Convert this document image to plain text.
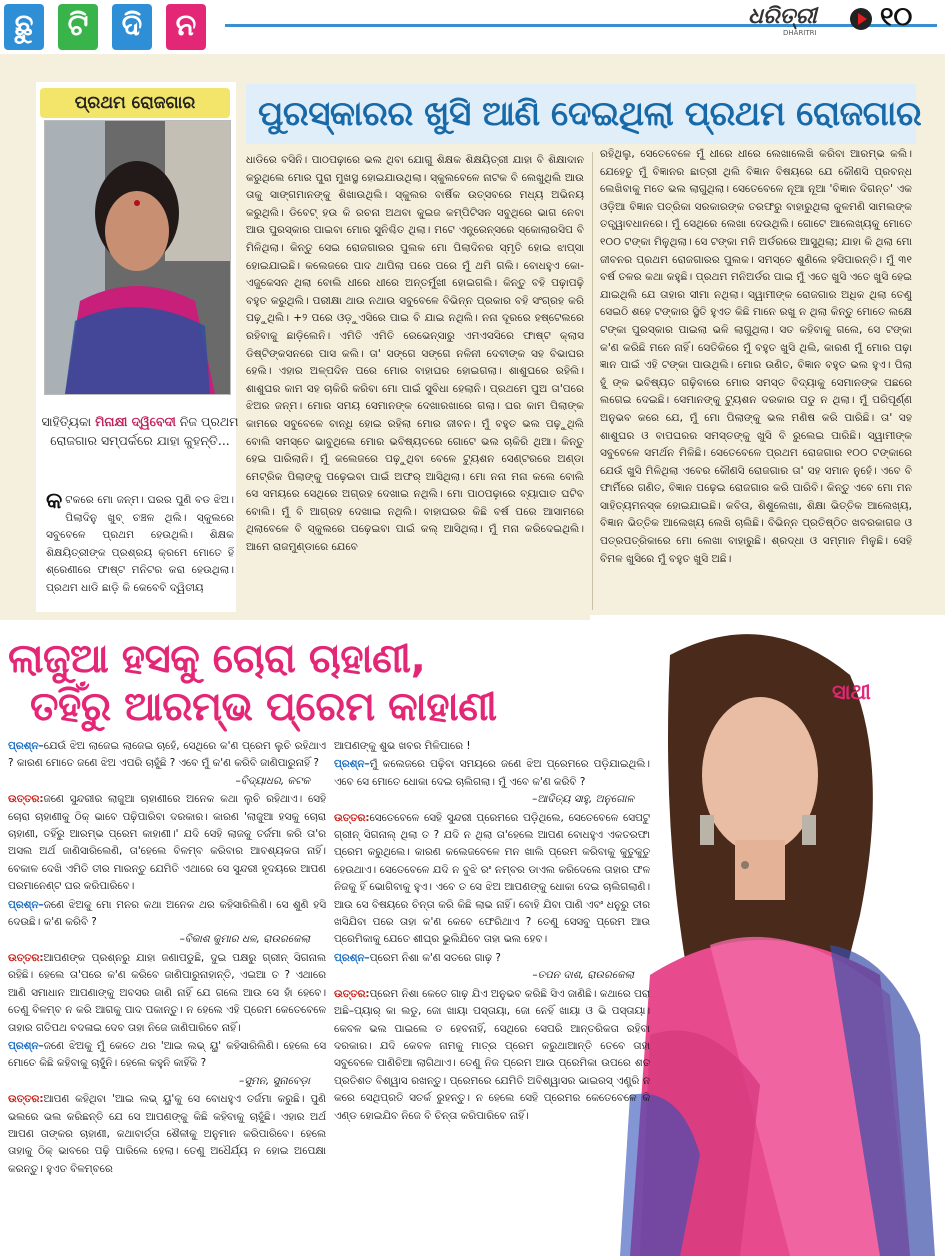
ଛୁ	ଟି	ଦି	ନ	ଧରିତ୍ରୀ
DHARITRI
୧୦
ପ୍ରଥମ ରୋଜଗାର
ସାହିତ୍ୟିକା ମିନାକ୍ଷୀ ଦ୍ୱିବେଦୀ ନିଜ ପ୍ରଥମ ରୋଜଗାର ସମ୍ପର୍କରେ ଯାହା କୁହନ୍ତି...
ପୁରସ୍କାରର ଖୁସି ଆଣି ଦେଇଥିଲା ପ୍ରଥମ ରୋଜଗାର
କଟକରେ ମୋ ଜନ୍ମ। ଘରର ପୁଣି ବଡ ଝିଅ। ପିଲାଦିନୁ ଖୁବ୍ ଚଞ୍ଚଳ ଥିଲି। ସ୍କୁଲରେ ସବୁବେଳେ ପ୍ରଥମ ହେଉଥିଲି। ଶିକ୍ଷକ ଶିକ୍ଷୟିତ୍ରୀଙ୍କ ପ୍ରଶ୍ରୟ କ୍ରମେ ମୋତେ ହିଁ ଶ୍ରେଣୀରେ ଫାଷ୍ଟ ମନିଟର କରା ହେଉଥିଲା। ପ୍ରଥମ ଧାଡି ଛାଡ଼ି କି କେବେବି ଦ୍ୱିତୀୟ
ଧାଡିରେ ବସିନି। ପାଠପଢ଼ାରେ ଭଲ ଥିବା ଯୋଗୁ ଶିକ୍ଷକ ଶିକ୍ଷୟିତ୍ରୀ ଯାହା ବି ଶିକ୍ଷାଦାନ କରୁଥିଲେ ମୋର ପୁରା ମୁଖସ୍ଥ ହୋଇଯାଉଥିଲା। ସ୍କୁଲବେଳେ ନାଟକ ବି ଲେଖୁଥିଲି ଆଉ ତାକୁ ସାଙ୍ଗମାନଙ୍କୁ ଶିଖାଉଥିଲି। ସ୍କୁଲର ବାର୍ଷିକ ଉତ୍ସବରେ ମଧ୍ୟ ଅଭିନୟ କରୁଥିଲି। ଡିବେଟ୍ ହଉ କି ରଚନା ଅଥବା କୁଇଜ କମ୍ପିଟିସନ ସବୁଥିରେ ଭାଗ ନେବା ଆଉ ପୁରସ୍କାର ପାଇବା ମୋର ସୁନିଶ୍ଚିତ ଥିଲା। ମଟେ ଏନ୍ଟ୍ରେନ୍ସରେ ସ୍କୋଲାରସିପ ବି ମିଳିଥିଲା। କିନ୍ତୁ ସେଇ ରୋଜଗାରର ପୁଲକ ମୋ ପିଲାଦିନର ସ୍ମୃତି ହୋଇ ଝାପ୍ସା ହୋଇଯାଇଛି। କଲେଜରେ ପାଦ ଥାପିଲା ପରେ ପରେ ମୁଁ ଥମି ଗଲି। ବୋଧହୁଏ କୋ-ଏଜୁକେସନ ଥିଲା ବୋଲି ଧୀରେ ଧୀରେ ଅନ୍ତର୍ମୁଖୀ ହୋଇଗଲି। କିନ୍ତୁ ବହି ପଢ଼ାପଢ଼ି ବହୁତ କରୁଥିଲି। ପରୀକ୍ଷା ଥାଉ ନଥାଉ ସବୁବେଳେ ବିଭିନ୍ନ ପ୍ରକାର ବହି ସଂଗ୍ରହ କରି ପଢ଼ୁଥିଲି। +୨ ପରେ ଓଡ଼ୁଏସିରେ ପାଇ ବି ଯାଇ ନଥିଲି। ନନା ଦୂରରେ ହଷ୍ଟେଲରେ ରହିବାକୁ ଛାଡ଼ିଲେନି। ଏମିତି ଏମିତି ରେଭେନ୍ସାରୁ ଏମଏସସିରେ ଫାଷ୍ଟ କ୍ଲାସ ଡିଷ୍ଟିଙ୍କସନରେ ପାସ କଲି। ତା' ସଙ୍ଗେ ସଙ୍ଗେ ନଳିନୀ ଦେବୀଙ୍କ ସହ ବିଭାଘର ହେଲି। ଏହାର ଅଳ୍ପଦିନ ପରେ ମୋର ବାହାଘର ହୋଇଗଲା। ଶାଶୁଘରେ ରହିଲି। ଶାଶୁଘର କାମ ସହ ଚାକିରି କରିବା ମୋ ପାଇଁ ସୁବିଧା ହେଲାନି। ପ୍ରଥମେ ପୁଅ ତା'ପରେ ଝିଅର ଜନ୍ମ। ମୋର ସମୟ ସେମାନଙ୍କ ଦେଖାରଖାରେ ଗଲା। ଘର କାମ ପିଲାଙ୍କ କାମରେ ସବୁବେଳେ ବାନ୍ଧି ହୋଇ ରହିଲା ମୋର ଜୀବନ। ମୁଁ ବହୁତ ଭଲ ପଢ଼ୁଥିଲି ବୋଲି ସମସ୍ତେ ଭାବୁଥିଲେ ମୋର ଭବିଷ୍ୟତରେ ଗୋଟେ ଭଲ ଚାକିରି ଥିଆ। କିନ୍ତୁ ହେଇ ପାରିଲାନି। ମୁଁ କଲେଜରେ ପଢ଼ୁଥିବା ବେଳେ ଟ୍ୟୁଶନ ସେଣ୍ଟରରେ ଅଣ୍ଡା ମେଟ୍ରିକ ପିଲାଙ୍କୁ ପଢ଼େଇବା ପାଇଁ ଅଫର୍ ଆସିଥିଲା। ମୋ ନନା ମନା କଲେ ବୋଲି ସେ ସମୟରେ ସେଥିରେ ଅଗ୍ରହ ଦେଖାଇ ନଥିଲି। ମୋ ପାଠପଢ଼ାରେ ବ୍ୟାଘାତ ଘଟିବ ବୋଲି। ମୁଁ ବି ଆଗ୍ରହ ଦେଖାଇ ନଥିଲି। ବାହାଘରର କିଛି ବର୍ଷ ପରେ ଆସାମରେ ଥିଲାବେଳେ ବି ସ୍କୁଲରେ ପଢ଼େଇବା ପାଇଁ କଲ୍ ଆସିଥିଲା। ମୁଁ ମନା କରିଦେଇଥିଲି। ଆମେ ରାଜମୁଣ୍ଡାରେ ଯେବେ
ରହିଥିଲୁ, ସେତେବେଳେ ମୁଁ ଧୀରେ ଧୀରେ ଲେଖାଲେଖି କରିବା ଆରମ୍ଭ କଲି। ଯେହେତୁ ମୁଁ ବିଜ୍ଞାନର ଛାତ୍ରୀ ଥିଲି ବିଜ୍ଞାନ ବିଷୟରେ ଯେ କୌଣସି ପ୍ରବନ୍ଧ ଲେଖିବାକୁ ମତେ ଭଲ ଲାଗୁଥିଲା। ସେତେବେଳେ ନୂଆ ନୂଆ 'ବିଜ୍ଞାନ ଦିଗନ୍ତ' ଏକ ଓଡ଼ିଆ ବିଜ୍ଞାନ ପତ୍ରିକା ସରକାରଙ୍କ ତରଫରୁ ବାହାରୁଥିଲା କୁଳମଣି ସାମଲଙ୍କ ତତ୍ତ୍ୱାବଧାନରେ। ମୁଁ ସେଥିରେ ଲେଖା ଦେଉଥିଲି। ଗୋଟେ ଆଲେଖ୍ୟକୁ ମୋତେ ୧୦୦ ଟଙ୍କା ମିଳୁଥିଲା। ସେ ଟଙ୍କା ମନି ଅର୍ଡରରେ ଆସୁଥିଲା; ଯାହା କି ଥିଲା ମୋ ଜୀବନର ପ୍ରଥମ ରୋଜଗାରର ପୁଲକ। ସମସ୍ତେ ଶୁଣିଲେ ହସିପାରନ୍ତି। ମୁଁ ୩୧ ବର୍ଷ ତଳର କଥା କହୁଛି। ପ୍ରଥମ ମନିଅର୍ଡର ପାଇ ମୁଁ ଏତେ ଖୁସି ଏତେ ଖୁସି ହେଇ ଯାଇଥିଲି ଯେ ତାହାର ସୀମା ନଥିଲା। ସ୍ୱାମୀଙ୍କ ରୋଜଗାର ଅଧିକ ଥିଲା ତେଣୁ ସେଇଠି ଶହେ ଟଙ୍କାର ସ୍ଥିତି ହୁଏତ କିଛି ମାନେ ରଖୁ ନ ଥିଲା କିନ୍ତୁ ମୋତେ ଲକ୍ଷେ ଟଙ୍କା ପୁରସ୍କାର ପାଇଲା ଭଳି ଲାଗୁଥିଲା। ସତ କହିବାକୁ ଗଲେ, ସେ ଟଙ୍କା କ'ଣ କରିଛି ମନେ ନାହିଁ। ସେତିକିରେ ମୁଁ ବହୁତ ଖୁସି ଥିଲି, କାରଣ ମୁଁ ମୋର ପଢ଼ା ଜ୍ଞାନ ପାଇଁ ଏହି ଟଙ୍କା ପାଉଥିଲି। ମୋର ଉଣିତ, ବିଜ୍ଞାନ ବହୁତ ଭଲ ହୁଏ। ପିଲା ହୁଁ ଙ୍କ ଭବିଷ୍ୟତ ଗଢ଼ିବାରେ ମୋର ସମସ୍ତ ବିଦ୍ୟାକୁ ସେମାନଙ୍କ ପଛରେ ଲଗେଇ ଦେଇଛି। ସେମାନଙ୍କୁ ଟ୍ୟୁଶନ ଦରକାର ପଡୁ ନ ଥିଲା। ମୁଁ ପରିପୂର୍ଣ୍ଣ ଅନୁଭବ କରେ ଯେ, ମୁଁ ମୋ ପିଲାଙ୍କୁ ଭଲ ମଣିଷ କରି ପାରିଛି। ତା' ସହ ଶାଶୁଘର ଓ ବାପଘରର ସମସ୍ତଙ୍କୁ ଖୁସି ବି ରୁଲେଇ ପାରିଛି। ସ୍ୱାମୀଙ୍କ ସବୁବେଳେ ସମର୍ଥନ ମିଳିଛି। ସେତେବେଳେ ପ୍ରଥମ ରୋଜଗାର ୧୦୦ ଟଙ୍କାରେ ଯେଉଁ ଖୁସି ମିଳିଥିଲା ଏବେର କୌଣସି ରୋଜଗାର ତା' ସହ ସମାନ ନୁହେଁ। ଏବେ ବି ଫାର୍ମିରେ ଗଣିତ, ବିଜ୍ଞାନ ପଢ଼େଇ ରୋଜଗାର କରି ପାରିବି। କିନ୍ତୁ ଏବେ ମୋ ମନ ସାହିତ୍ୟମନସ୍କ ହୋଇଯାଇଛି। କବିତା, ଶିଶୁଲେଖା, ଶିକ୍ଷା ଭିତ୍ତିକ ଆଲେଖ୍ୟ, ବିଜ୍ଞାନ ଭିତ୍ତିକ ଆଲେଖ୍ୟ ଲେଖି ଚାଲିଛି। ବିଭିନ୍ନ ପ୍ରତିଷ୍ଠିତ ଖବରକାଗଜ ଓ ପତ୍ରପତ୍ରିକାରେ ମୋ ଲେଖା ବାହାରୁଛି। ଶ୍ରଦ୍ଧା ଓ ସମ୍ମାନ ମିଳୁଛି। ସେହି ବିମଳ ଖୁସିରେ ମୁଁ ବହୁତ ଖୁସି ଅଛି।
ଲାଜୁଆ ହସକୁ ଚୋରା ଚାହାଣୀ,
ତହିଁରୁ ଆରମ୍ଭ ପ୍ରେମ କାହାଣୀ	ସାଥୀ

ପ୍ରଶ୍ନ–ଯେଉଁ ଝିଅ ଲାଜେଇ ଲାଜେଇ ଚାହେଁ, ସେଥିରେ କ'ଣ ପ୍ରେମ ଲୁଚି ରହିଥାଏ ? କାରଣ ମୋତେ ଜଣେ ଝିଅ ଏପରି ଚାହୁଁଛି ? ଏବେ ମୁଁ କ'ଣ କରିବି ଜାଣିପାରୁନାହିଁ ?
–ବିଦ୍ୟାଧର, କଟକ

ଉତ୍ତର:ଜଣେ ସୁନ୍ଦରୀର ଲାଜୁଆ ଚାହାଣୀରେ ଅନେକ କଥା ଲୁଚି ରହିଥାଏ। ସେହି ଚୋରା ଚାହାଣୀକୁ ଠିକ୍ ଭାବେ ପଢ଼ିପାରିବା ଦରକାର। କାରଣ 'ଲାଜୁଆ ହସକୁ ଚୋରା ଚାହାଣୀ, ତହିଁରୁ ଆରମ୍ଭ ପ୍ରେମ କାହାଣୀ।' ଯଦି ସେହି ଲାଜକୁ ତର୍ଜମା କରି ତା'ର ଅସଲ ଅର୍ଥ ଜାଣିସାରିଲେଣି, ତା'ହେଲେ ବିଳମ୍ବ କରିବାର ଆବଶ୍ୟକତା ନାହିଁ। ବେକାଳ ଦେଖି ଏମିତି ତୀର ମାରନ୍ତୁ ଯେମିତି ଏଥାରେ ସେ ସୁନ୍ଦରୀ ହୃଦୟରେ ଆପଣ ପରମାନେଣ୍ଟ ଘର କରିପାରିବେ।

ପ୍ରଶ୍ନ–ଜଣେ ଝିଅକୁ ମୋ ମନର କଥା ଅନେକ ଥର କହିସାରିଲିଣି। ସେ ଶୁଣି ହସି ଦେଉଛି। କ'ଣ କରିବି ?
–ବିକାଶ କୁମାର ଧଳ, ରାଉରକେଲା

ଉତ୍ତର:ଆପଣଙ୍କ ପ୍ରଶ୍ନରୁ ଯାହା ଜଣାପଡୁଛି, ଦୁଇ ପକ୍ଷରୁ ଗ୍ରୀନ୍ ସିଗନାଲ ରହିଛି। ହେଲେ ତା'ପରେ କ'ଣ କରିବେ ଜାଣିପାରୁନାହାନ୍ତି, ଏଇଆ ତ ? ଏଥାରେ ଆଣି ସମାଧାନ ଆପଣାଙ୍କୁ ଅବସର ଜାଣି ନାହିଁ ଯେ ଗଲେ ଆଉ ସେ ହାଁ ହେବେ। ତେଣୁ ବିଳମ୍ବ ନ କରି ଆଗକୁ ପାଦ ପକାନ୍ତୁ। ନ ହେଲେ ଏହି ପ୍ରେମ କେତେବେଳେ ତାହାର ଗତିପଥ ବଦଳାଇ ଦେବ ତାହା ନିଜେ ଜାଣିପାରିବେ ନାହିଁ।

ପ୍ରଶ୍ନ–ଜଣେ ଝିଅକୁ ମୁଁ କେତେ ଥର 'ଆଇ ଲଭ୍ ୟୁ' କହିସାରିଲିଣି। ହେଲେ ସେ ମୋତେ କିଛି କହିବାକୁ ଚାହୁଁନି। ହେଲେ କହୁନି କାହିଁକି ?
–ସୁମନ, ସୁନାବେଡ଼ା

ଉତ୍ତର:ଆପଣ କହିଥିବା 'ଆଇ ଲଭ୍ ୟୁ'କୁ ସେ ବୋଧହୁଏ ତର୍ଜମା କରୁଛି। ପୁଣି ଭଲରେ ଭଲ କରିଛନ୍ତି ଯେ ସେ ଆପଣଙ୍କୁ କିଛି କହିବାକୁ ଚାହୁଁଛି। ଏହାର ଅର୍ଥ ଆପଣ ତାଙ୍କର ଚାହାଣୀ, କଥାବାର୍ତ୍ତା ଶୈଳୀକୁ ଅନୁମାନ କରିପାରିବେ। ହେଲେ ତାହାକୁ ଠିକ୍ ଭାବରେ ପଢ଼ି ପାରିଲେ ହେଲା। ତେଣୁ ଅଧୈର୍ଯ୍ୟ ନ ହୋଇ ଅପେକ୍ଷା କରନ୍ତୁ। ହୁଏତ ବିଳମ୍ବରେ

ଆପଣଙ୍କୁ ଶୁଭ ଖବର ମିଳିପାରେ !

ପ୍ରଶ୍ନ–ମୁଁ କଲେଜରେ ପଢ଼ିବା ସମୟରେ ଜଣେ ଝିଅ ପ୍ରେମରେ ପଡ଼ିଯାଇଥିଲି। ଏବେ ସେ ମୋତେ ଧୋକା ଦେଇ ଚାଲିଗଲା। ମୁଁ ଏବେ କ'ଣ କରିବି ?
–ଆଦିତ୍ୟ ସାହୁ, ଅନୁଗୋଳ

ଉତ୍ତର:ସେତେବେଳେ ସେହି ସୁନ୍ଦରୀ ପ୍ରେମରେ ପଡ଼ିଥିଲେ, ସେତେବେଳେ ସେପଟୁ ଗ୍ରୀନ୍ ସିଗନାଲ୍ ଥିଲା ତ ? ଯଦି ନ ଥିଲା ତା'ହେଲେ ଆପଣ ବୋଧହୁଏ ଏକତରଫା ପ୍ରେମ କରୁଥିଲେ। କାରଣ କଲେଜବେଳେ ମନ ଖାଲି ପ୍ରେମ କରିବାକୁ କୁତୁକୁତୁ ହେଉଥାଏ। ସେତେବେଳେ ଯଦି ନ ବୁଝି ରଂ ନମ୍ବର ଡାଏଲ କରିଦେଲେ ତାହାର ଫଳ ନିଜକୁ ହିଁ ଭୋଗିବାକୁ ହୁଏ। ଏବେ ତ ସେ ଝିଅ ଆପଣଙ୍କୁ ଧୋକା ଦେଇ ଚାଲିଗଲାଣି। ଆଉ ସେ ବିଷୟରେ ଚିନ୍ତା କରି କିଛି ଲାଭ ନାହିଁ। ବୋହି ଯିବା ପାଣି ଏବଂ ଧନୁରୁ ତୀର ଖସିଯିବା ପରେ ତାହା କ'ଣ କେବେ ଫେରିଥାଏ ? ତେଣୁ ସେସବୁ ପ୍ରେମ ଆଉ ପ୍ରେମିକାକୁ ଯେତେ ଶୀଘ୍ର ଭୁଲିଯିବେ ତାହା ଭଲ ହେବ।

ପ୍ରଶ୍ନ–ପ୍ରେମ ନିଶା କ'ଣ ସତରେ ଗାଢ଼ ?
–ତପନ ଦାଶ, ରାଉରକେଲା

ଉତ୍ତର:ପ୍ରେମ ନିଶା କେତେ ଗାଢ଼ ଯିଏ ଅନୁଭବ କରିଛି ସିଏ ଜାଣିଛି। କଥାରେ ପରା ଅଛି–ପ୍ୟାର୍ କା ଲଡୁ, ଜୋ ଖାୟା ପସ୍ତାୟା, ଜୋ ନେହିଁ ଖାୟା ଓ ଭି ପସ୍ତାୟା। କେବଳ ଭଲ ପାଇଲେ ତ ହେବନାହିଁ, ସେଥିରେ ସେପରି ଆନ୍ତରିକତା ରହିବା ଦରକାର। ଯଦି କେବଳ ନାମକୁ ମାତ୍ର ପ୍ରେମ କରୁଥାଆନ୍ତି ତେବେ ତାହା ସବୁବେଳେ ପାଣିଚିଆ ଲାଗିଥାଏ। ତେଣୁ ନିଜ ପ୍ରେମ ଆଉ ପ୍ରେମିକା ଉପରେ ଶତ ପ୍ରତିଶତ ବିଶ୍ୱାସ ରଖନ୍ତୁ। ପ୍ରେମରେ ଯେମିତି ଅବିଶ୍ୱାସର ଭାଇରସ୍ ଏଣ୍ଟ୍ରି ନ କରେ ସେଥିପ୍ରତି ସତର୍କ ରୁହନ୍ତୁ। ନ ହେଲେ ସେହି ପ୍ରେମର କେତେବେଳେ କି ଏଣ୍ଡ ହୋଇଯିବ ନିଜେ ବି ଚିନ୍ତା କରିପାରିବେ ନାହିଁ।
